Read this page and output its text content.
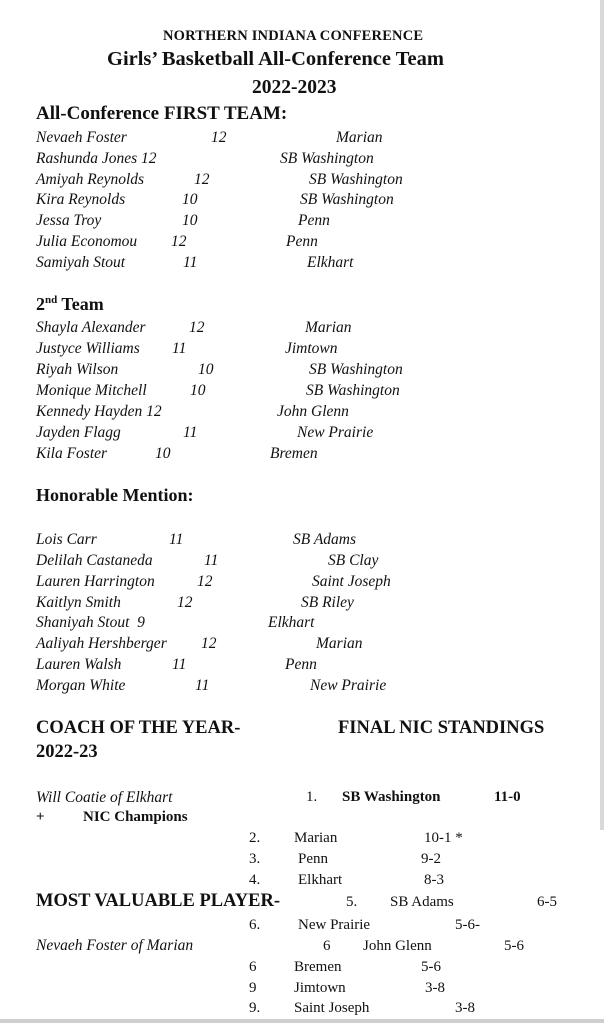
NORTHERN INDIANA CONFERENCE
Girls’ Basketball All-Conference Team
2022-2023
All-Conference FIRST TEAM:
Nevaeh Foster	12	Marian
Rashunda Jones 12	SB Washington
Amiyah Reynolds	12	SB Washington
Kira Reynolds	10	SB Washington
Jessa Troy	10	Penn
Julia Economou 12	Penn
Samiyah Stout	11	Elkhart
2nd Team
Shayla Alexander	12	Marian
Justyce Williams 11	Jimtown
Riyah Wilson	10	SB Washington
Monique Mitchell	10	SB Washington
Kennedy Hayden 12	John Glenn
Jayden Flagg	11	New Prairie
Kila Foster	10	Bremen
Honorable Mention:
Lois Carr	11	SB Adams
Delilah Castaneda	11	SB Clay
Lauren Harrington	12	Saint Joseph
Kaitlyn Smith	12	SB Riley
Shaniyah Stout  9	Elkhart
Aaliyah Hershberger 12	Marian
Lauren Walsh	11	Penn
Morgan White	11	New Prairie
COACH OF THE YEAR-
2022-23
Will Coatie of Elkhart
+	NIC Champions
FINAL NIC STANDINGS
1. SB Washington	11-0
2. Marian	10-1 *
3.	Penn	9-2
4.	Elkhart	8-3
5. SB Adams	6-5
6.	New Prairie	5-6-
6 John Glenn	5-6
6	Bremen	5-6
9	Jimtown	3-8
9. Saint Joseph	3-8
MOST VALUABLE PLAYER-
Nevaeh Foster of Marian
